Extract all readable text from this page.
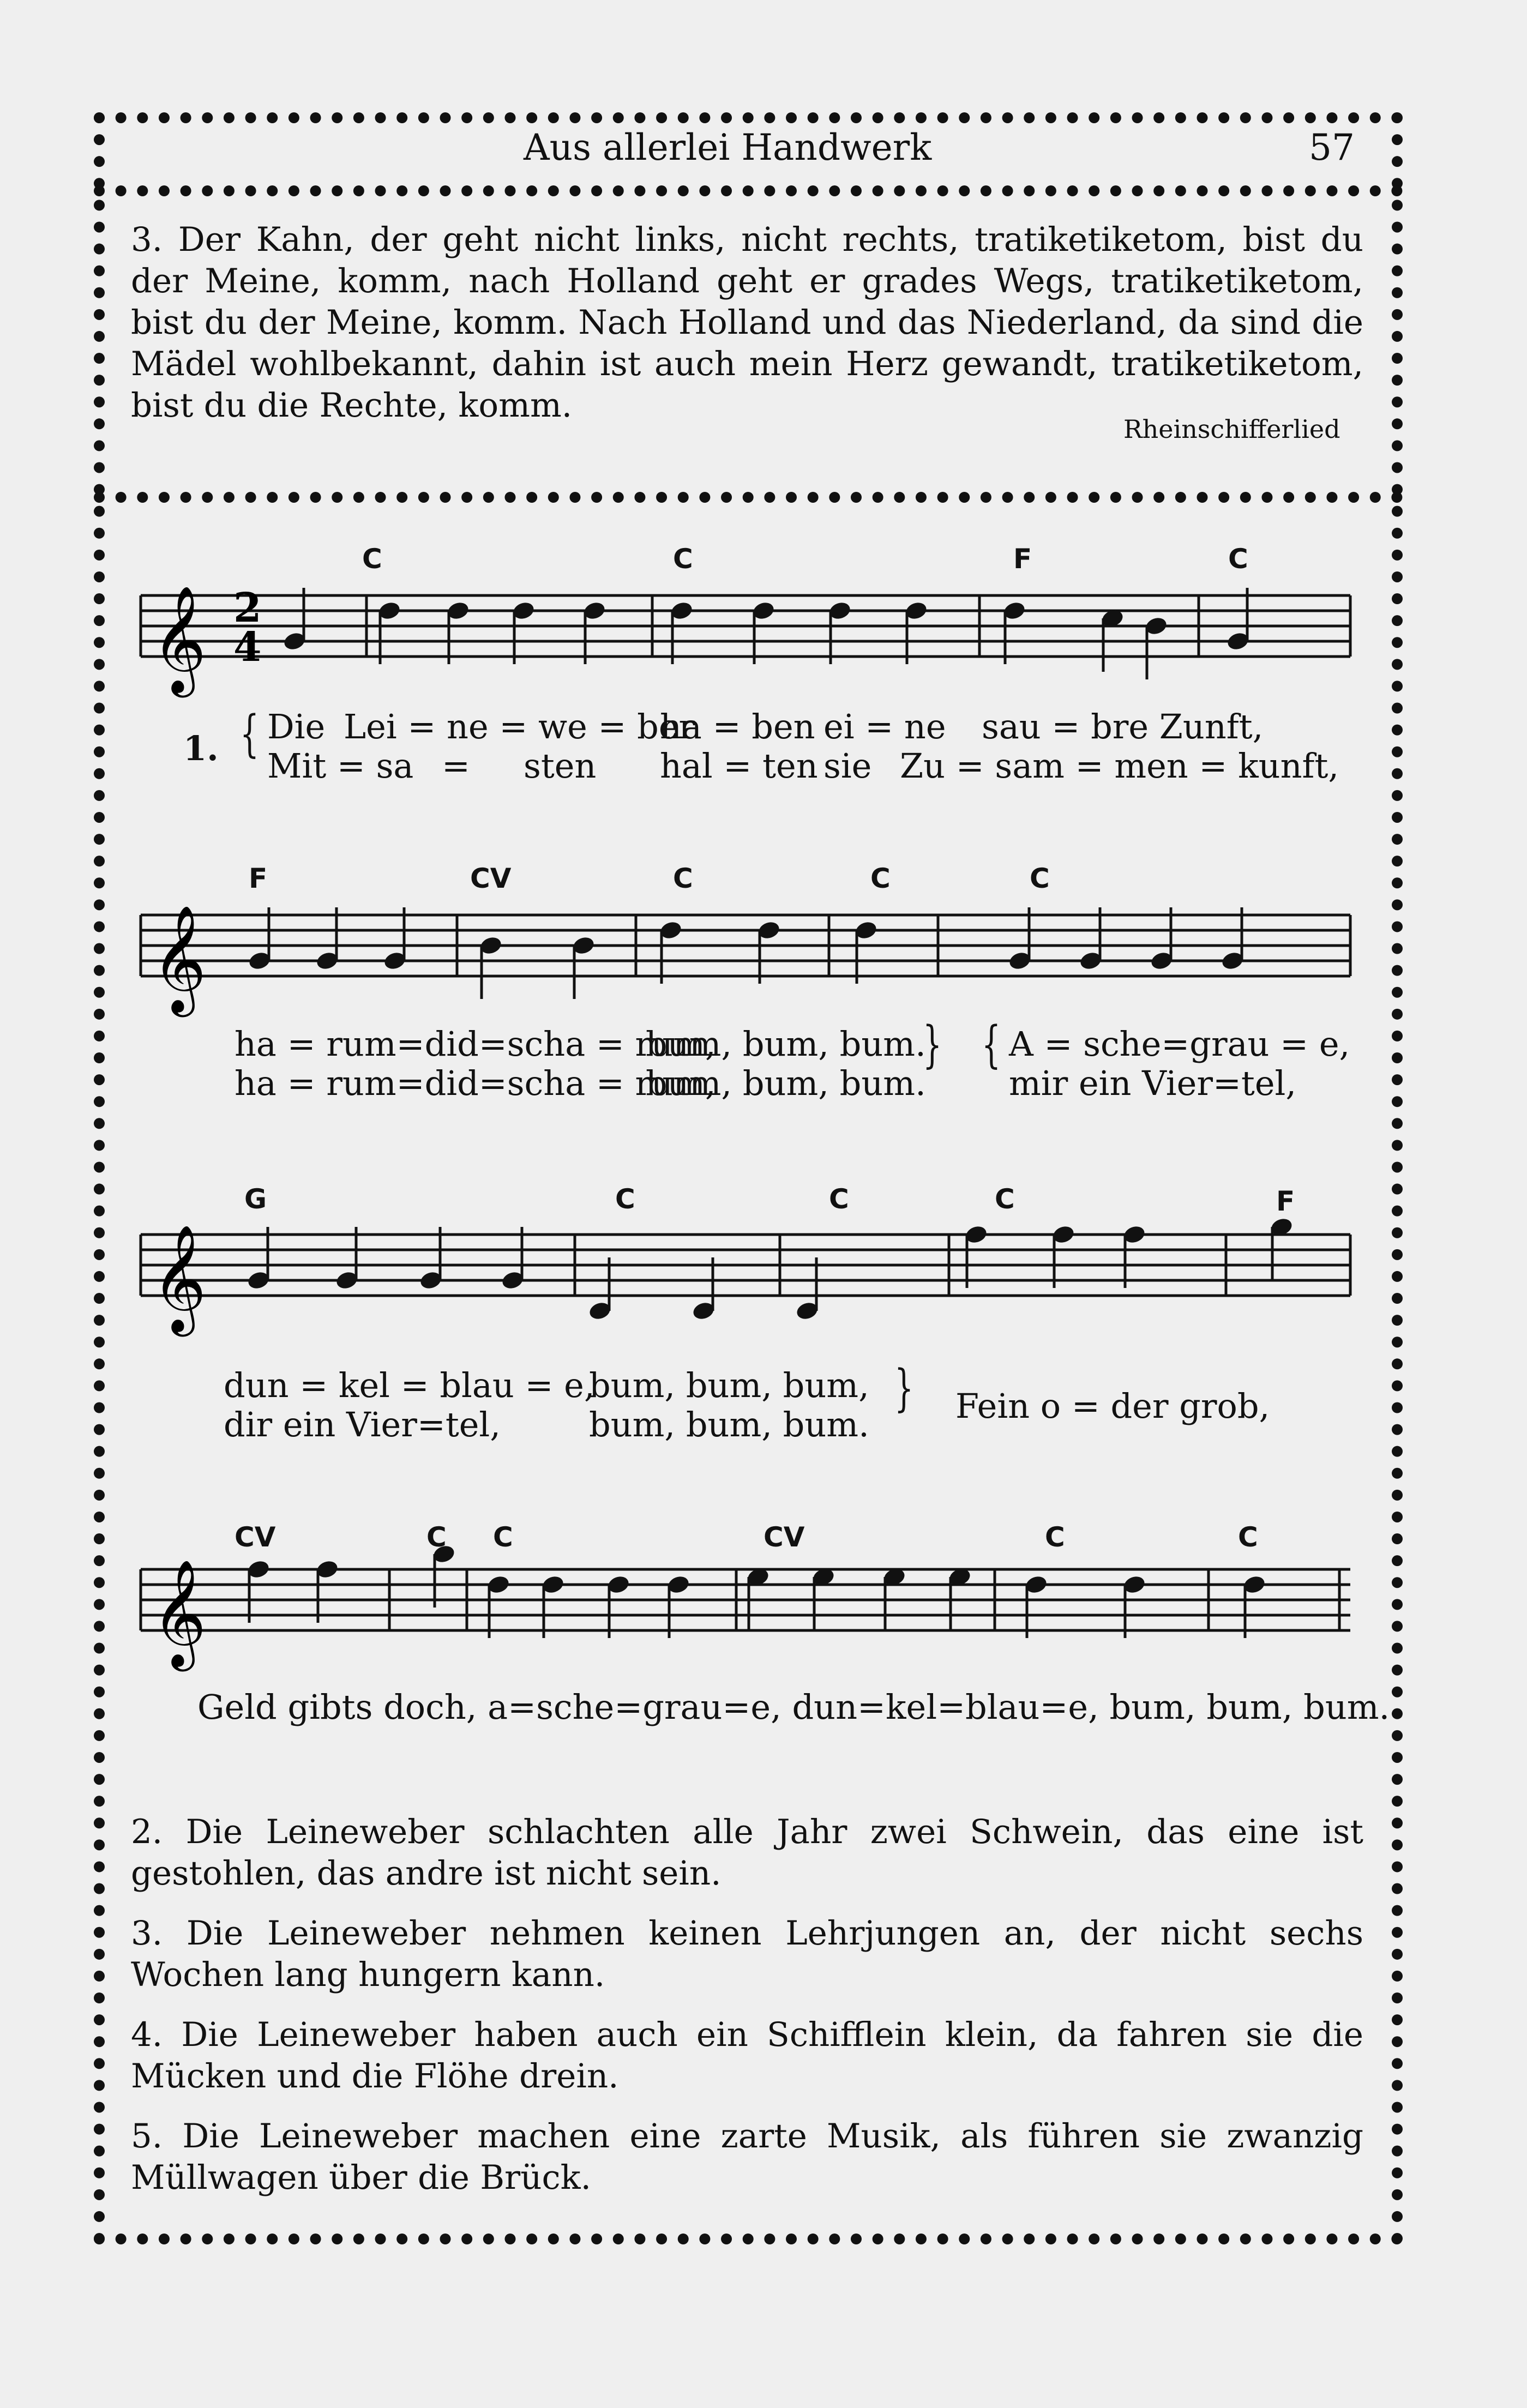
Aus allerlei Handwerk	57
3. Der Kahn, der geht nicht links, nicht rechts, tratiketiketom, bist du der Meine, komm, nach Holland geht er grades Wegs, tratiketiketom, bist du der Meine, komm. Nach Holland und das Niederland, da sind die Mädel wohlbekannt, dahin ist auch mein Herz gewandt, tratiketiketom, bist du die Rechte, komm.
Rheinschifferlied
𝄞
𝄞
𝄞
𝄞
2
4
C	C	F	C
1. { Die Lei = ne = we = ber
ha = ben ei = ne sau = bre Zunft,
Mit = sa = sten hal = ten sie Zu = sam = men = kunft,
F	CV	C	C	C
ha = rum=did=scha = rum,
bum, bum, bum.
ha = rum=did=scha = rum,
bum, bum, bum.
} { A = sche=grau = e,
mir ein Vier=tel,
G	C	C	C	F
dun = kel = blau = e,
bum, bum, bum,
dir ein Vier=tel,	bum, bum, bum.
} Fein o = der grob,
CV	C C	CV	C	C
Geld gibts doch, a=sche=grau=e, dun=kel=blau=e, bum, bum, bum.
2. Die Leineweber schlachten alle Jahr zwei Schwein, das eine ist gestohlen, das andre ist nicht sein.
3. Die Leineweber nehmen keinen Lehrjungen an, der nicht sechs Wochen lang hungern kann.
4. Die Leineweber haben auch ein Schifflein klein, da fahren sie die Mücken und die Flöhe drein.
5. Die Leineweber machen eine zarte Musik, als führen sie zwanzig Müllwagen über die Brück.
